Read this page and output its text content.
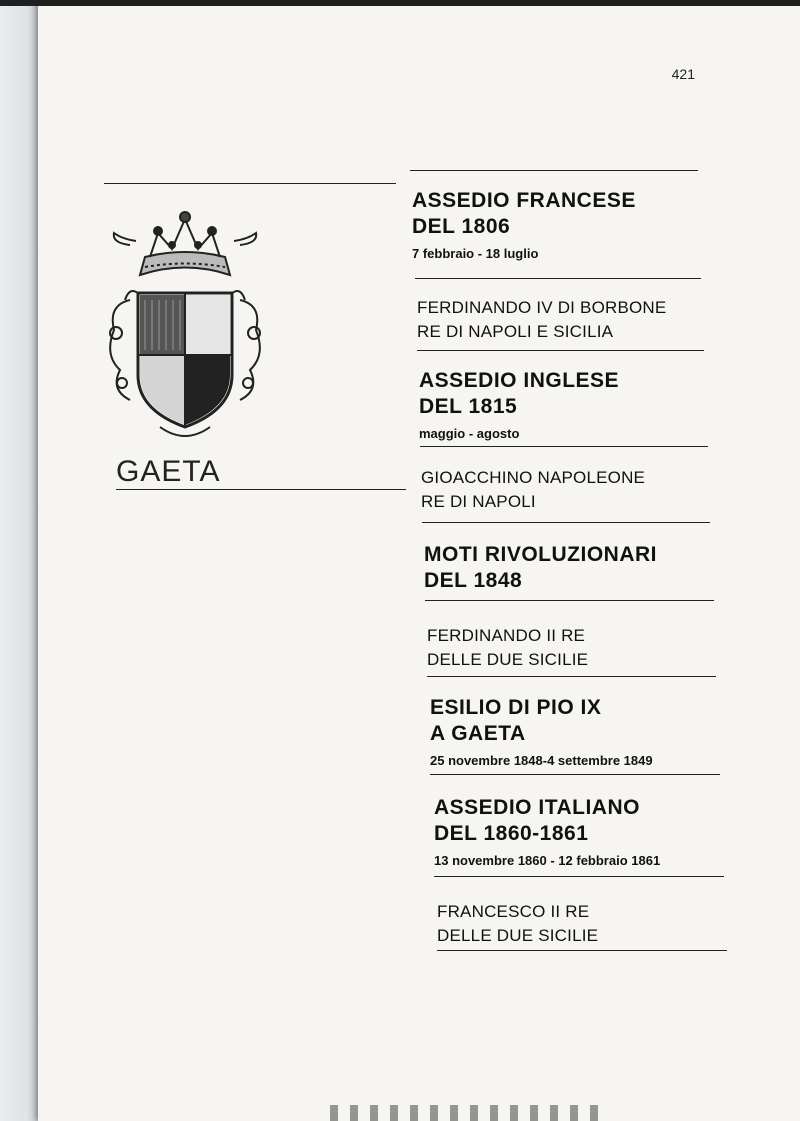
421
GAETA
ASSEDIO FRANCESE
DEL 1806
7 febbraio - 18 luglio
FERDINANDO IV DI BORBONE
RE DI NAPOLI E SICILIA
ASSEDIO INGLESE
DEL 1815
maggio - agosto
GIOACCHINO NAPOLEONE
RE DI NAPOLI
MOTI RIVOLUZIONARI
DEL 1848
FERDINANDO II RE
DELLE DUE SICILIE
ESILIO DI PIO IX
A GAETA
25 novembre 1848-4 settembre 1849
ASSEDIO ITALIANO
DEL 1860-1861
13 novembre 1860 - 12 febbraio 1861
FRANCESCO II RE
DELLE DUE SICILIE
